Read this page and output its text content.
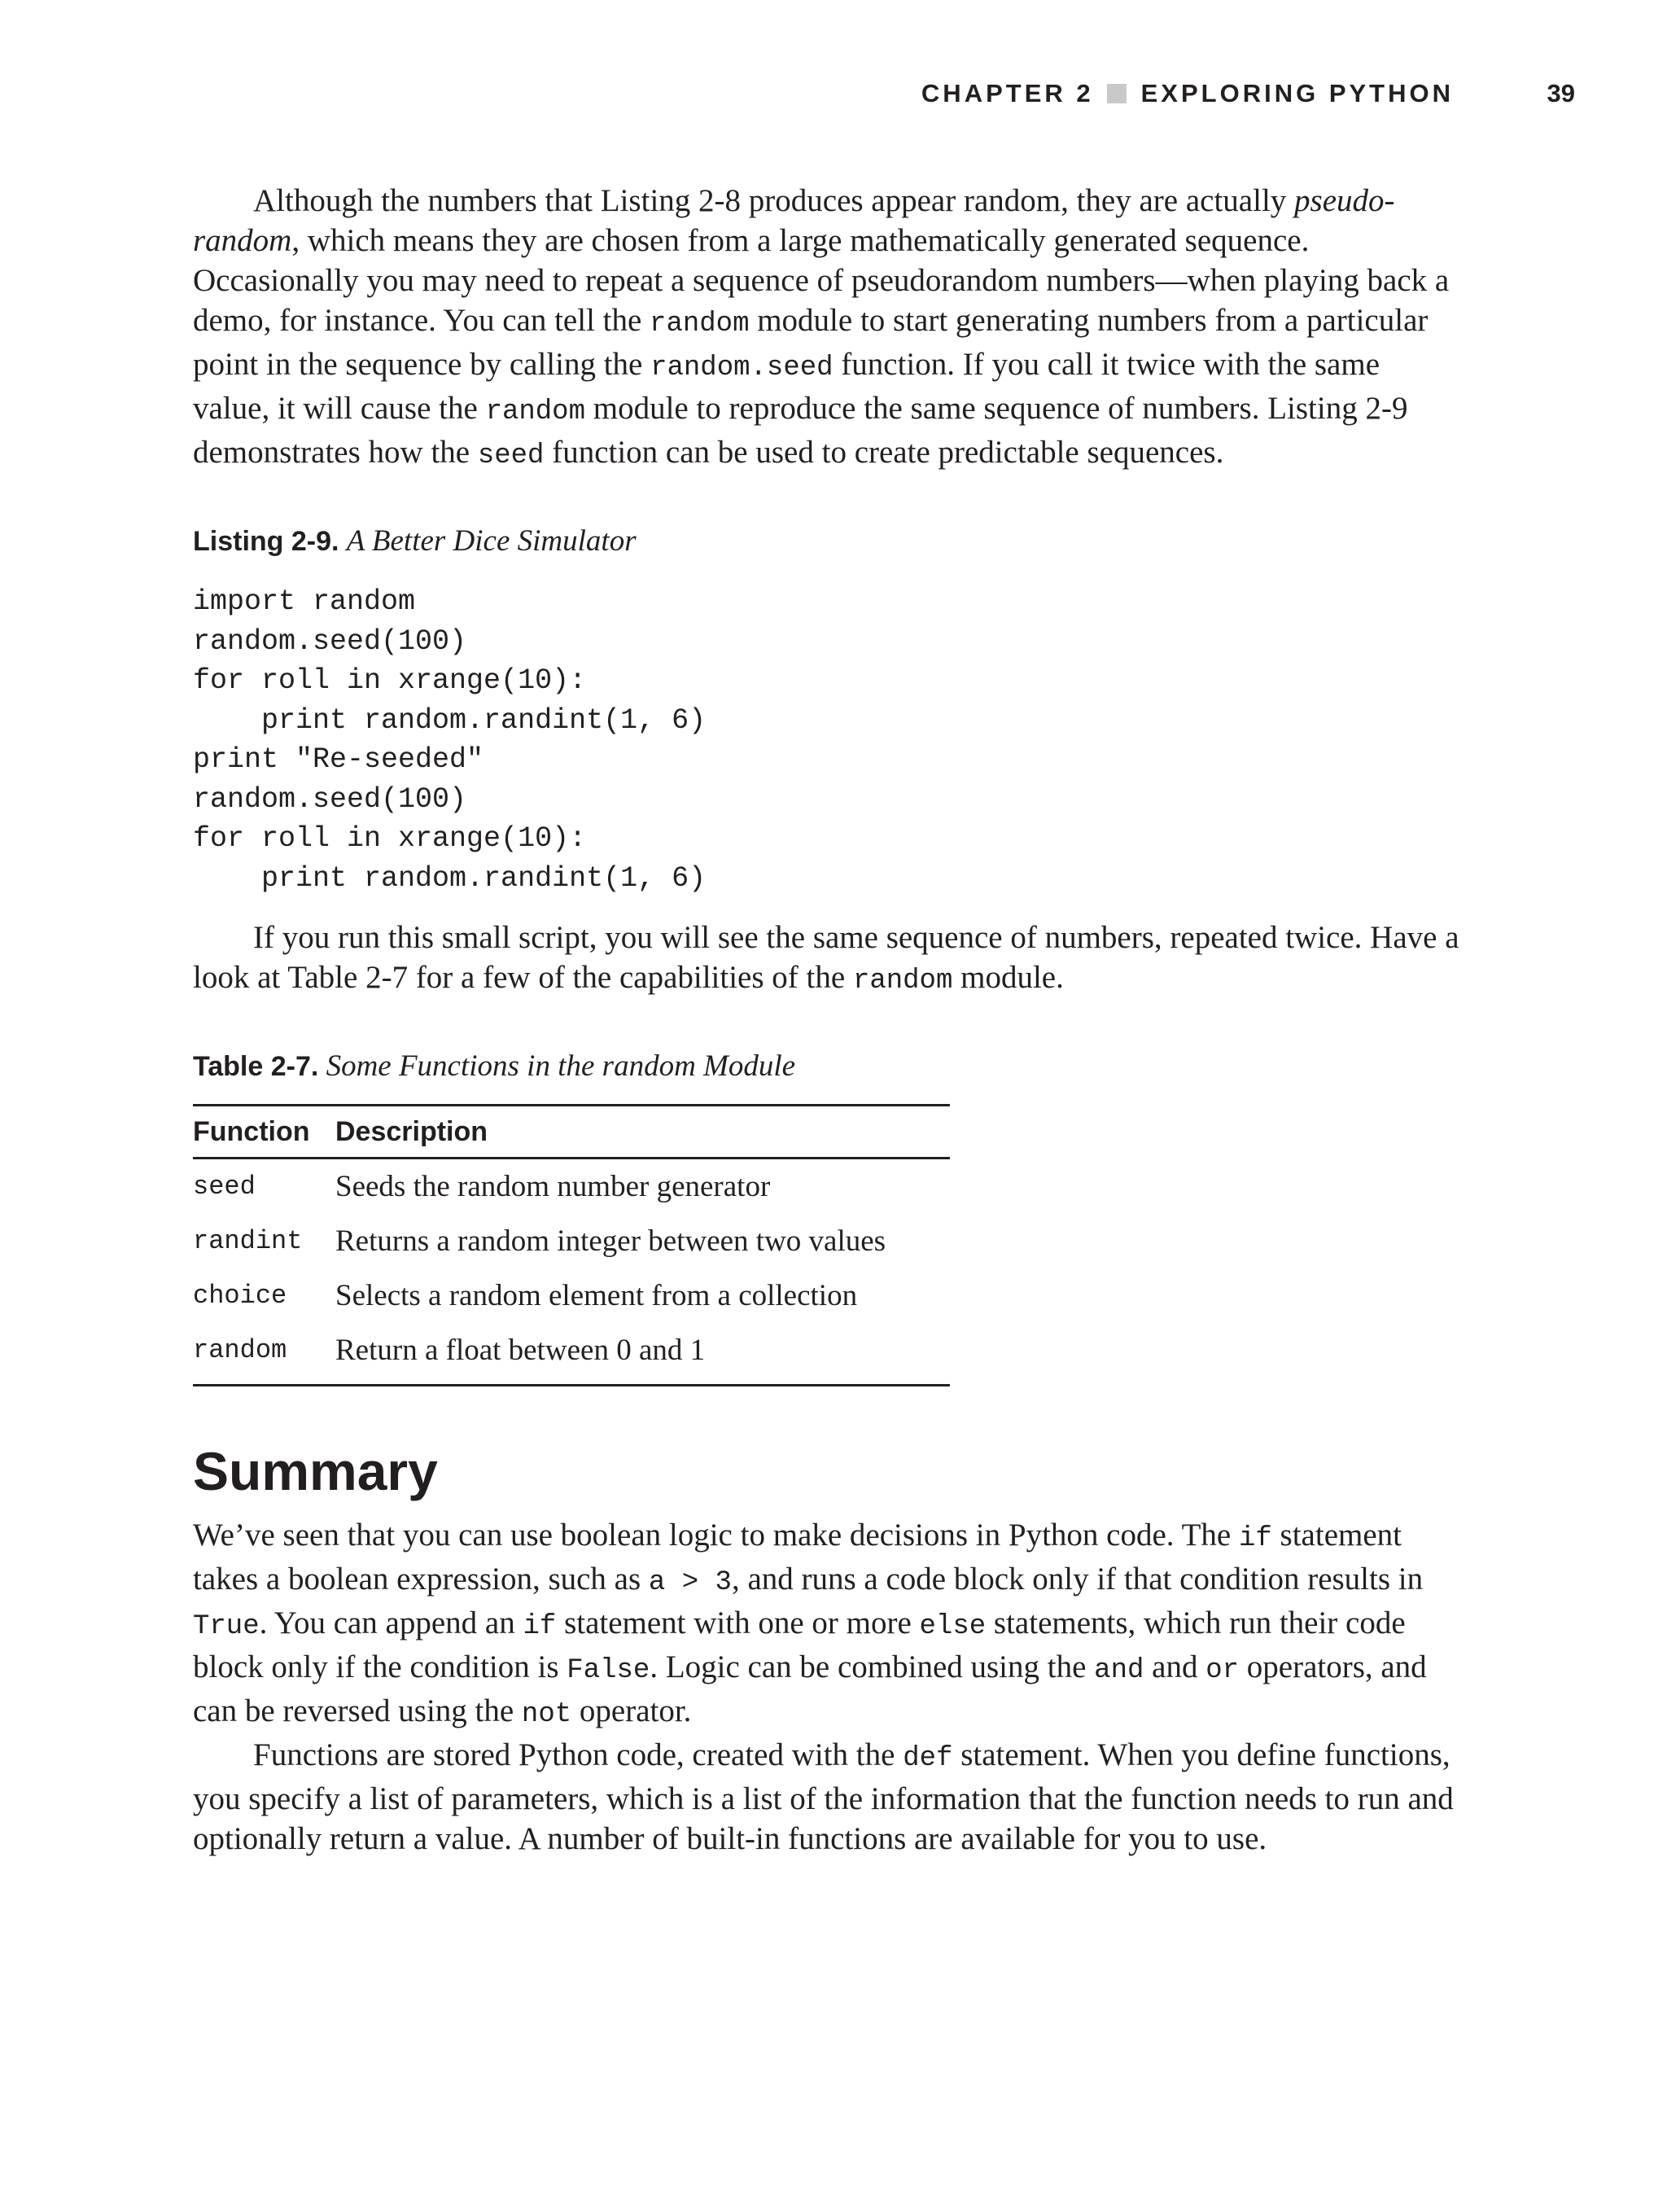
CHAPTER 2 EXPLORING PYTHON	39

Although the numbers that Listing 2-8 produces appear random, they are actually pseudo-random, which means they are chosen from a large mathematically generated sequence. Occasionally you may need to repeat a sequence of pseudorandom numbers—when playing back a demo, for instance. You can tell the random module to start generating numbers from a particular point in the sequence by calling the random.seed function. If you call it twice with the same value, it will cause the random module to reproduce the same sequence of numbers. Listing 2-9 demonstrates how the seed function can be used to create predictable sequences.

Listing 2-9. A Better Dice Simulator
import random
random.seed(100)
for roll in xrange(10):
print random.randint(1, 6)
print "Re-seeded"
random.seed(100)
for roll in xrange(10):
print random.randint(1, 6)

If you run this small script, you will see the same sequence of numbers, repeated twice. Have a look at Table 2-7 for a few of the capabilities of the random module.

Table 2-7. Some Functions in the random Module
Function	Description
seed	Seeds the random number generator
randint	Returns a random integer between two values
choice	Selects a random element from a collection
random	Return a float between 0 and 1
Summary

We’ve seen that you can use boolean logic to make decisions in Python code. The if statement takes a boolean expression, such as a > 3, and runs a code block only if that condition results in True. You can append an if statement with one or more else statements, which run their code block only if the condition is False. Logic can be combined using the and and or operators, and can be reversed using the not operator.

Functions are stored Python code, created with the def statement. When you define functions, you specify a list of parameters, which is a list of the information that the function needs to run and optionally return a value. A number of built-in functions are available for you to use.
